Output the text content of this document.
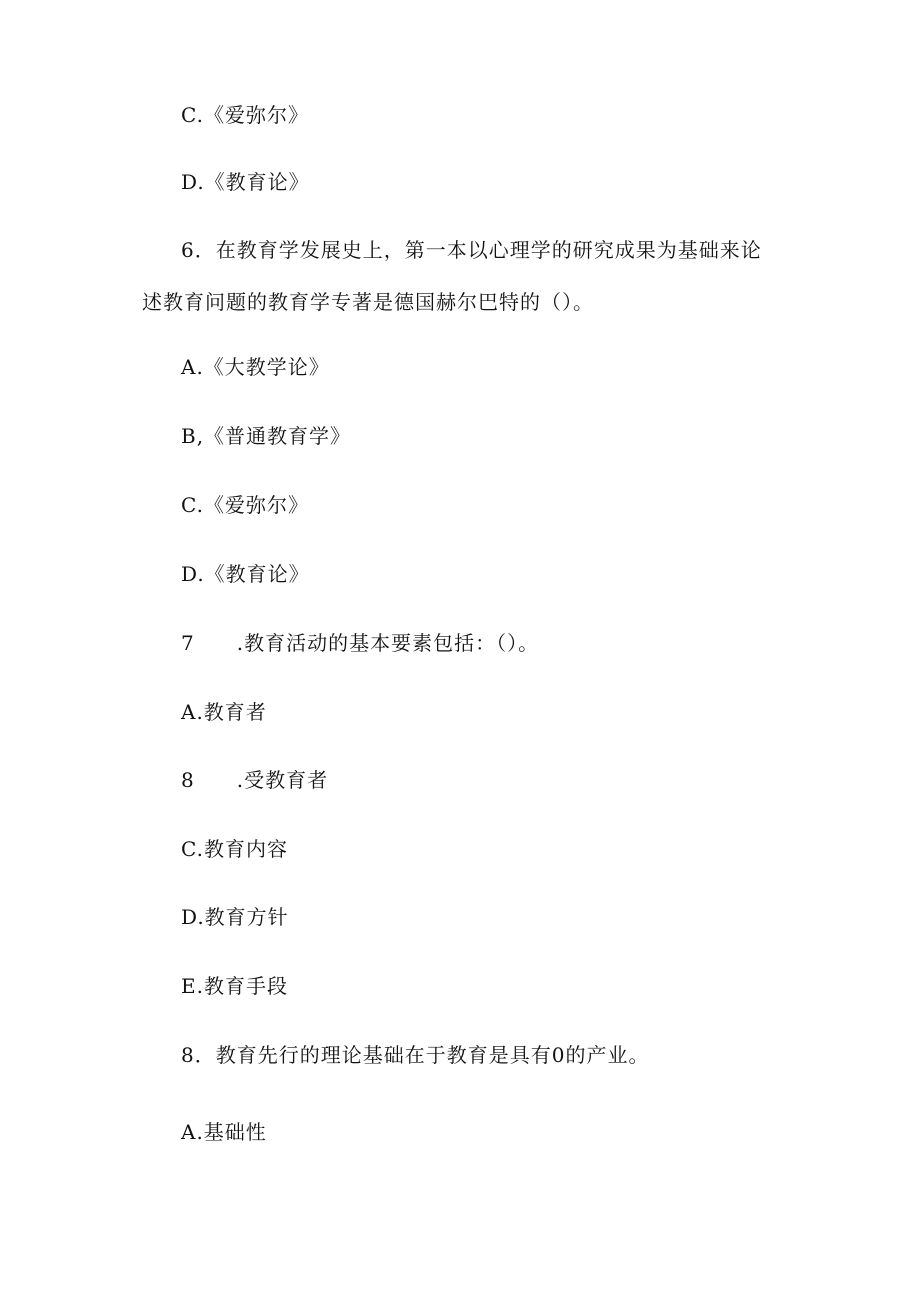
C.《爱弥尔》
D.《教育论》
6．在教育学发展史上，第一本以心理学的研究成果为基础来论
述教育问题的教育学专著是德国赫尔巴特的（）。
A.《大教学论》
B,《普通教育学》
C.《爱弥尔》
D.《教育论》
7　　.教育活动的基本要素包括：（）。
A.教育者
8　　.受教育者
C.教育内容
D.教育方针
E.教育手段
8．教育先行的理论基础在于教育是具有0的产业。
A.基础性
